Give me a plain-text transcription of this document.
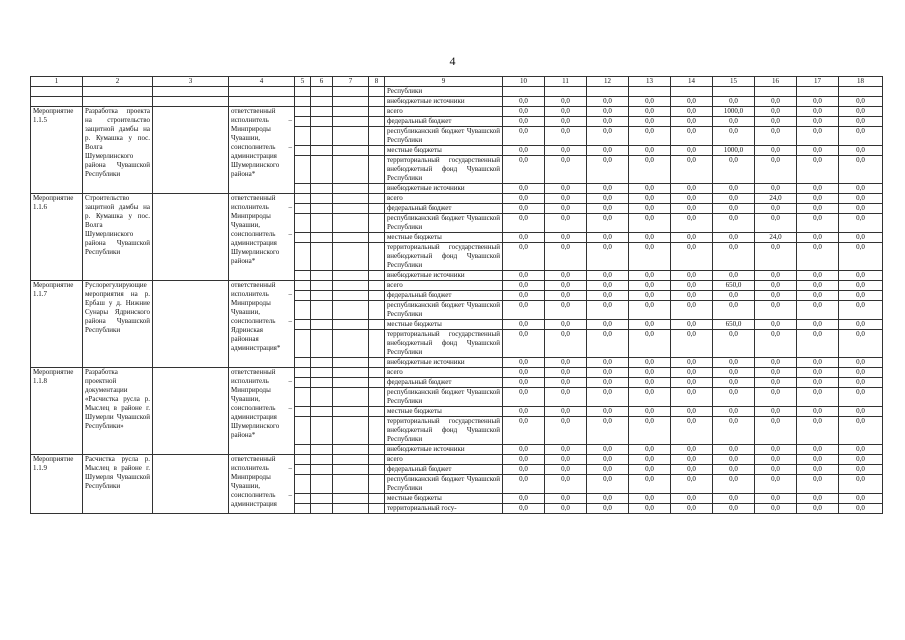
4
1	2	3	4	5	6	7	8	9	10	11	12	13	14	15	16	17	18
								Республики									
								внебюджетные источники	0,0	0,0	0,0	0,0	0,0	0,0	0,0	0,0	0,0
Мероприятие 1.1.5	Разработка проекта на строительство защитной дамбы на р. Кумашка у пос. Волга Шумерлинского района Чувашской Республики		ответственный исполнитель – Минприроды Чувашии, соисполнитель – администрация Шумерлинского района*					всего	0,0	0,0	0,0	0,0	0,0	1000,0	0,0	0,0	0,0
								федеральный бюджет	0,0	0,0	0,0	0,0	0,0	0,0	0,0	0,0	0,0
								республиканский бюджет Чувашской Республики	0,0	0,0	0,0	0,0	0,0	0,0	0,0	0,0	0,0
								местные бюджеты	0,0	0,0	0,0	0,0	0,0	1000,0	0,0	0,0	0,0
								территориальный государственный внебюджетный фонд Чувашской Республики	0,0	0,0	0,0	0,0	0,0	0,0	0,0	0,0	0,0
								внебюджетные источники	0,0	0,0	0,0	0,0	0,0	0,0	0,0	0,0	0,0
Мероприятие 1.1.6	Строительство защитной дамбы на р. Кумашка у пос. Волга Шумерлинского района Чувашской Республики		ответственный исполнитель – Минприроды Чувашии, соисполнитель – администрация Шумерлинского района*					всего	0,0	0,0	0,0	0,0	0,0	0,0	24,0	0,0	0,0
								федеральный бюджет	0,0	0,0	0,0	0,0	0,0	0,0	0,0	0,0	0,0
								республиканский бюджет Чувашской Республики	0,0	0,0	0,0	0,0	0,0	0,0	0,0	0,0	0,0
								местные бюджеты	0,0	0,0	0,0	0,0	0,0	0,0	24,0	0,0	0,0
								территориальный государственный внебюджетный фонд Чувашской Республики	0,0	0,0	0,0	0,0	0,0	0,0	0,0	0,0	0,0
								внебюджетные источники	0,0	0,0	0,0	0,0	0,0	0,0	0,0	0,0	0,0
Мероприятие 1.1.7	Руслорегулирующие мероприятия на р. Ербаш у д. Нижние Сунары Ядринского района Чувашской Республики		ответственный исполнитель – Минприроды Чувашии, соисполнитель – Ядринская районная администрация*					всего	0,0	0,0	0,0	0,0	0,0	650,0	0,0	0,0	0,0
								федеральный бюджет	0,0	0,0	0,0	0,0	0,0	0,0	0,0	0,0	0,0
								республиканский бюджет Чувашской Республики	0,0	0,0	0,0	0,0	0,0	0,0	0,0	0,0	0,0
								местные бюджеты	0,0	0,0	0,0	0,0	0,0	650,0	0,0	0,0	0,0
								территориальный государственный внебюджетный фонд Чувашской Республики	0,0	0,0	0,0	0,0	0,0	0,0	0,0	0,0	0,0
								внебюджетные источники	0,0	0,0	0,0	0,0	0,0	0,0	0,0	0,0	0,0
Мероприятие 1.1.8	Разработка проектной документации «Расчистка русла р. Мыслец в районе г. Шумерли Чувашской Республики»		ответственный исполнитель – Минприроды Чувашии, соисполнитель – администрация Шумерлинского района*					всего	0,0	0,0	0,0	0,0	0,0	0,0	0,0	0,0	0,0
								федеральный бюджет	0,0	0,0	0,0	0,0	0,0	0,0	0,0	0,0	0,0
								республиканский бюджет Чувашской Республики	0,0	0,0	0,0	0,0	0,0	0,0	0,0	0,0	0,0
								местные бюджеты	0,0	0,0	0,0	0,0	0,0	0,0	0,0	0,0	0,0
								территориальный государственный внебюджетный фонд Чувашской Республики	0,0	0,0	0,0	0,0	0,0	0,0	0,0	0,0	0,0
								внебюджетные источники	0,0	0,0	0,0	0,0	0,0	0,0	0,0	0,0	0,0
Мероприятие 1.1.9	Расчистка русла р. Мыслец в районе г. Шумерля Чувашской Республики		ответственный исполнитель – Минприроды Чувашии, соисполнитель – администрация					всего	0,0	0,0	0,0	0,0	0,0	0,0	0,0	0,0	0,0
								федеральный бюджет	0,0	0,0	0,0	0,0	0,0	0,0	0,0	0,0	0,0
								республиканский бюджет Чувашской Республики	0,0	0,0	0,0	0,0	0,0	0,0	0,0	0,0	0,0
								местные бюджеты	0,0	0,0	0,0	0,0	0,0	0,0	0,0	0,0	0,0
								территориальный госу-	0,0	0,0	0,0	0,0	0,0	0,0	0,0	0,0	0,0
